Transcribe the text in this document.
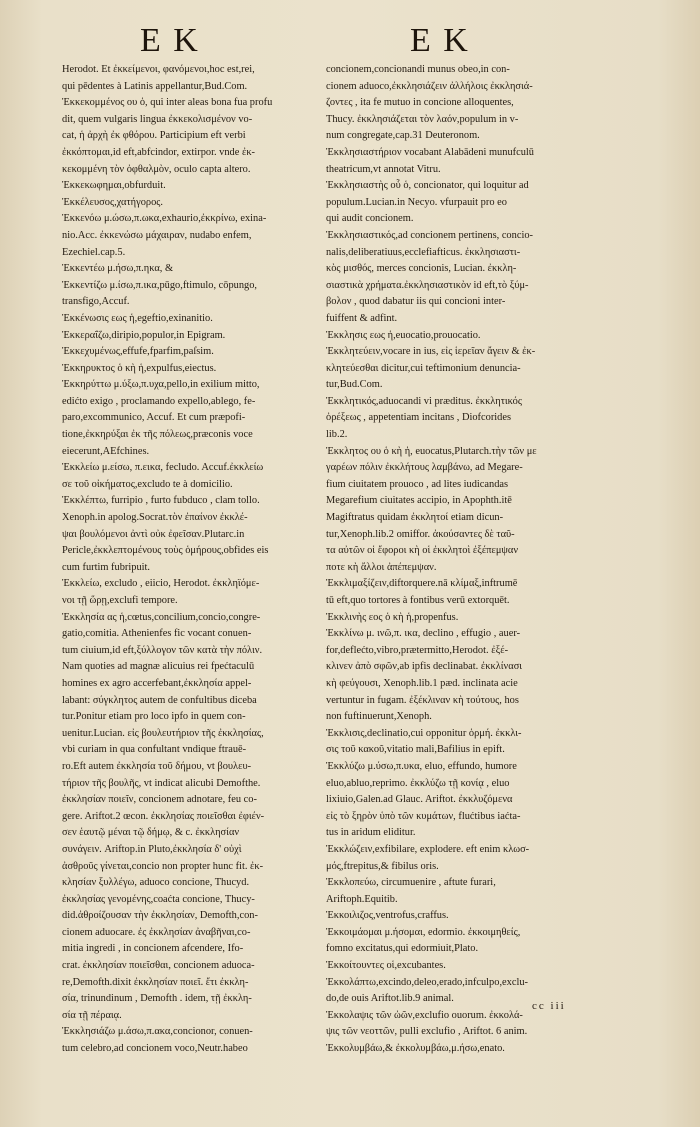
E K	E K
Herodot. Et ἐκκείμενοι, φανόμενοι,hoc est,rei,
qui pēdentes à Latinis appellantur,Bud.Com.
Ἐκκεκομμένος ου ὁ, qui inter aleas bona fua profu
dit, quem vulgaris lingua ἐκκεκολισμένον vo-
cat, ἡ ἀρχὴ ἐκ φθόρου. Participium eft verbi
ἐκκόπτομαι,id eft,abfcindor, extirpor. vnde ἐκ-
κεκομμένη τὸν ὀφθαλμὸν, oculo capta altero.
Ἐκκεκωφημαι,obfurduit.
Ἐκκέλευσος,χατήγορος.
Ἐκκενόω μ.ώσω,π.ωκα,exhaurio,ἐκκρίνω, exina-
nio.Acc. ἐκκενώσω μάχαιραν, nudabo enfem,
Ezechiel.cap.5.
Ἐκκεντέω μ.ήσω,π.ηκα, &
Ἐκκεντίζω μ.ίσω,π.ικα,pūgo,ftimulo, cōpungo,
transfigo,Accuf.
Ἐκκένωσις εως ἡ,egeftio,exinanitio.
Ἐκκεραΐζω,diripio,populor,in Epigram.
Ἐκκεχυμένως,effufe,fparfim,paſsim.
Ἐκκηρυκτος ὁ κὴ ἡ,expulfus,eiectus.
Ἐκκηρύττω μ.ύξω,π.υχα,pello,in exilium mitto,
edićto exigo , proclamando expello,ablego, fe-
paro,excommunico, Accuf. Et cum præpofi-
tione,ἐκκηρύξαι ἐκ τῆς πόλεως,præconis voce
eiecerunt,AEfchines.
Ἐκκλείω μ.είσω, π.εικα, fecludo. Accuf.ἐκκλείω
σε τοῦ οἰκήματος,excludo te à domicilio.
Ἐκκλέπτω, furripio , furto fubduco , clam tollo.
Xenoph.in apolog.Socrat.τὸν ἐπαίνον ἐκκλέ-
ψαι βουλόμενοι ἀντὶ οὐκ ἐφεῖσαν.Plutarc.in
Pericle,ἐκκλεπτομένους τοὺς ὁμήρους,obfides eis
cum furtim fubripuit.
Ἐκκλείω, excludo , eiicio, Herodot. ἐκκληϊόμε-
νοι τῇ ὥρῃ,exclufi tempore.
Ἐκκλησία ας ἡ,cœtus,concilium,concio,congre-
gatio,comitia. Athenienfes fic vocant conuen-
tum ciuium,id eft,ξύλλογον τῶν κατὰ τὴν πόλιν.
Nam quoties ad magnæ alicuius rei fpećtaculū
homines ex agro accerfebant,ἐκκλησία appel-
labant: σύγκλητος autem de confultibus diceba
tur.Ponitur etiam pro loco ipfo in quem con-
uenitur.Lucian. εἰς βουλευτήριον τῆς ἐκκλησίας,
vbi curiam in qua confultant vndique ftrauē-
ro.Eft autem ἐκκλησία τοῦ δήμου, vt βουλευ-
τήριον τῆς βουλῆς, vt indicat alicubi Demofthe.
ἐκκλησίαν ποιεῖν, concionem adnotare, feu co-
gere. Ariftot.2 œcon. ἐκκλησίας ποιεῖσθαι ἐφιέν-
σεν ἑαυτῷ μέναι τῷ δήμῳ, & c. ἐκκλησίαν
συνάγειν. Ariftop.in Pluto,ἐκκλησία δ' οὐχὶ
ἀσθροῦς γίνεται,concio non propter hunc fit. ἐκ-
κλησίαν ξυλλέγω, aduoco concione, Thucyd.
ἐκκλησίας γενομένης,coaćta concione, Thucy-
did.ἀθροίζουσαν τὴν ἐκκλησίαν, Demofth,con-
cionem aduocare. ἐς ἐκκλησίαν ἀναβῆναι,co-
mitia ingredi , in concionem afcendere, Ifo-
crat. ἐκκλησίαν ποιεῖσθαι, concionem aduoca-
re,Demofth.dixit ἐκκλησίαν ποιεῖ. ἔτι ἐκκλη-
σία, trinundinum , Demofth . idem, τῇ ἐκκλη-
σία τῇ πέραιᾳ.
Ἐκκλησιάζω μ.άσω,π.ακα,concionor, conuen-
tum celebro,ad concionem voco,Neutr.habeo
concionem,concionandi munus obeo,in con-
cionem aduoco,ἐκκλησιάζειν ἀλλήλοις ἐκκλησιά-
ζοντες , ita fe mutuo in concione alloquentes,
Thucy. ἐκκλησιάζεται τὸν λαόν,populum in v-
num congregate,cap.31 Deuteronom.
Ἐκκλησιαστήριον vocabant Alabādeni munufculū
theatricum,vt annotat Vitru.
Ἐκκλησιαστὴς οὗ ὁ, concionator, qui loquitur ad
populum.Lucian.in Necyo. vfurpauit pro eo
qui audit concionem.
Ἐκκλησιαστικός,ad concionem pertinens, concio-
nalis,deliberatiuus,ecclefiafticus. ἐκκλησιαστι-
κὸς μισθός, merces concionis, Lucian. ἐκκλη-
σιαστικὰ χρήματα.ἐκκλησιαστικὸν id eft,τὸ ξύμ-
βολον , quod dabatur iis qui concioni inter-
fuiffent & adfint.
Ἐκκλησις εως ἡ,euocatio,prouocatio.
Ἐκκλητεύειν,vocare in ius, εἰς ἱερεῖαν ἄγειν & ἐκ-
κλητεύεσθαι dicitur,cui teftimonium denuncia-
tur,Bud.Com.
Ἐκκλητικός,aduocandi vi præditus. ἐκκλητικός
ὀρέξεως , appetentiam incitans , Diofcorides
lib.2.
Ἐκκλητος ου ὁ κὴ ἡ, euocatus,Plutarch.τὴν τῶν με
γαρέων πόλιν ἐκκλήτους λαμβάνω, ad Megare-
fium ciuitatem prouoco , ad lites iudicandas
Megarefium ciuitates accipio, in Apophth.itē
Magiftratus quidam ἐκκλητοί etiam dicun-
tur,Xenoph.lib.2 omiffor. ἀκούσαντες δὲ ταῦ-
τα αὐτῶν οἱ ἔφοροι κὴ οἱ ἐκκλητοὶ ἐξέπεμψαν
ποτε κὴ ἄλλοι ἀπέπεμψαν.
Ἐκκλιμαξίζειν,diftorquere.nā κλίμαξ,inftrumē
tū eft,quo tortores à fontibus verū extorquēt.
Ἐκκλινὴς εος ὁ κὴ ἡ,propenfus.
Ἐκκλίνω μ. ινῶ,π. ικα, declino , effugio , auer-
for,deflećto,vibro,prætermitto,Herodot. ἐξέ-
κλινεν ἀπὸ σφῶν,ab ipfis declinabat. ἐκκλίνασι
κὴ φεύγουσι, Xenoph.lib.1 pæd. inclinata acie
vertuntur in fugam. ἐξέκλιναν κὴ τούτους, hos
non fuftinuerunt,Xenoph.
Ἐκκλισις,declinatio,cui opponitur ὁρμή. ἐκκλι-
σις τοῦ κακοῦ,vitatio mali,Bafilius in epift.
Ἐκκλύζω μ.ύσω,π.υκα, eluo, effundo, humore
eluo,abluo,reprimo. ἐκκλύζω τῇ κονίᾳ , eluo
lixiuio,Galen.ad Glauc. Ariftot. ἐκκλυζόμενα
εἰς τὸ ξηρὸν ὑπὸ τῶν κυμάτων, flućtibus iaćta-
tus in aridum eliditur.
Ἐκκλώζειν,exfibilare, explodere. eft enim κλωσ-
μός,ftrepitus,& fibilus oris.
Ἐκκλοπεύω, circumuenire , aftute furari,
Ariftoph.Equitib.
Ἐκκοιλιζος,ventrofus,craffus.
Ἐκκοιμάομαι μ.ήσομαι, edormio. ἐκκοιμηθείς,
fomno excitatus,qui edormiuit,Plato.
Ἐκκοίτουντες οἱ,excubantes.
Ἐκκολάπτω,excindo,deleo,erado,infculpo,exclu-
do,de ouis Ariftot.lib.9 animal.
Ἐκκολαψις τῶν ὠῶν,exclufio ouorum. ἐκκολά-
ψις τῶν νεοττῶν, pulli exclufio , Ariftot. 6 anim.
Ἐκκολυμβάω,& ἐκκολυμβάω,μ.ήσω,enato.
cc iii
